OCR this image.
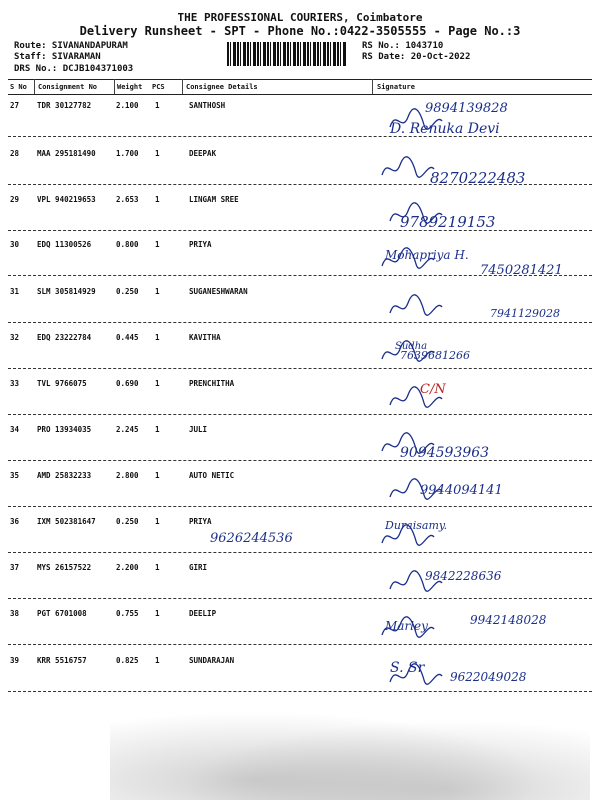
THE PROFESSIONAL COURIERS, Coimbatore
Delivery Runsheet - SPT - Phone No.:0422-3505555 - Page No.:3
Route: SIVANANDAPURAM
Staff: SIVARAMAN
DRS No.: DCJB104371003
RS No.: 1043710
RS Date: 20-Oct-2022
S No Consignment No	Weight PCS	Consignee Details	Signature
27 TDR 30127782	2.100 1	SANTHOSH	9894139828
D. Renuka Devi
28 MAA 295181490	1.700 1	DEEPAK
8270222483
29 VPL 940219653	2.653 1	LINGAM SREE
9789219153
30 EDQ 11300526	0.800 1	PRIYA
7450281421
Mohapriya H.
31 SLM 305814929	0.250 1	SUGANESHWARAN
7941129028
32 EDQ 23222784	0.445 1	KAVITHA
7639681266
Sudha
33 TVL 9766075	0.690 1	PRENCHITHA	C/N
34 PRO 13934035	2.245 1	JULI
9094593963
35 AMD 25832233	2.800 1	AUTO NETIC
9944094141
36 IXM 502381647	0.250 1	PRIYA
9626244536
Duraisamy.
37 MYS 26157522	2.200 1	GIRI
9842228636
38 PGT 6701008	0.755 1	DEELIP	9942148028
Marley
39 KRR 5516757	0.825 1	SUNDARAJAN
9622049028
S. Sr
